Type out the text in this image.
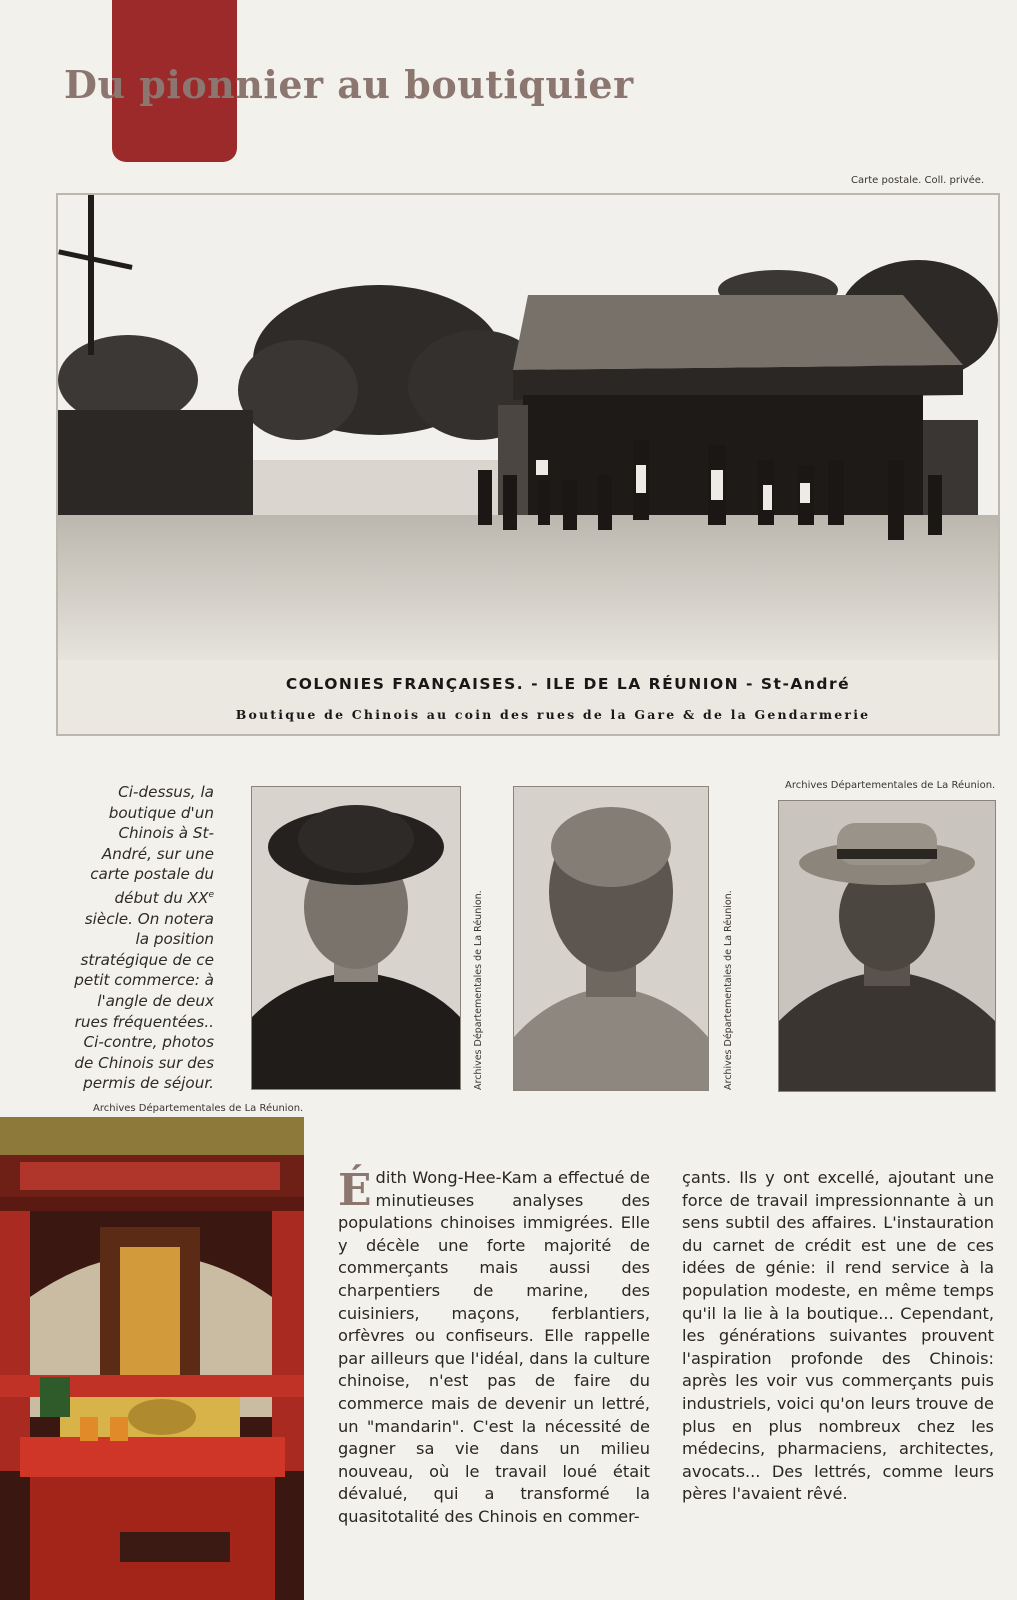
Du pionnier au boutiquier
Carte postale. Coll. privée.
COLONIES FRANÇAISES. - ILE DE LA RÉUNION - St-André
Boutique de Chinois au coin des rues de la Gare & de la Gendarmerie

Ci-dessus, la boutique d'un Chinois à St-André, sur une carte postale du début du XXe siècle. On notera la position stratégique de ce petit commerce: à l'angle de deux rues fréquentées.. Ci-contre, photos de Chinois sur des permis de séjour.	Archives Départementales de La Réunion.	Archives Départementales de La Réunion.
Archives Départementales de La Réunion.
Archives Départementales de La Réunion.

Édith Wong-Hee-Kam a effectué de minutieuses analyses des populations chinoises immigrées. Elle y décèle une forte majorité de commerçants mais aussi des charpentiers de marine, des cuisiniers, maçons, ferblantiers, orfèvres ou confiseurs. Elle rappelle par ailleurs que l'idéal, dans la culture chinoise, n'est pas de faire du commerce mais de devenir un lettré, un "mandarin". C'est la nécessité de gagner sa vie dans un milieu nouveau, où le travail loué était dévalué, qui a transformé la quasitotalité des Chinois en commer-

çants. Ils y ont excellé, ajoutant une force de travail impressionnante à un sens subtil des affaires. L'instauration du carnet de crédit est une de ces idées de génie: il rend service à la population modeste, en même temps qu'il la lie à la boutique... Cependant, les générations suivantes prouvent l'aspiration profonde des Chinois: après les voir vus commerçants puis industriels, voici qu'on leurs trouve de plus en plus nombreux chez les médecins, pharmaciens, architectes, avocats... Des lettrés, comme leurs pères l'avaient rêvé.
